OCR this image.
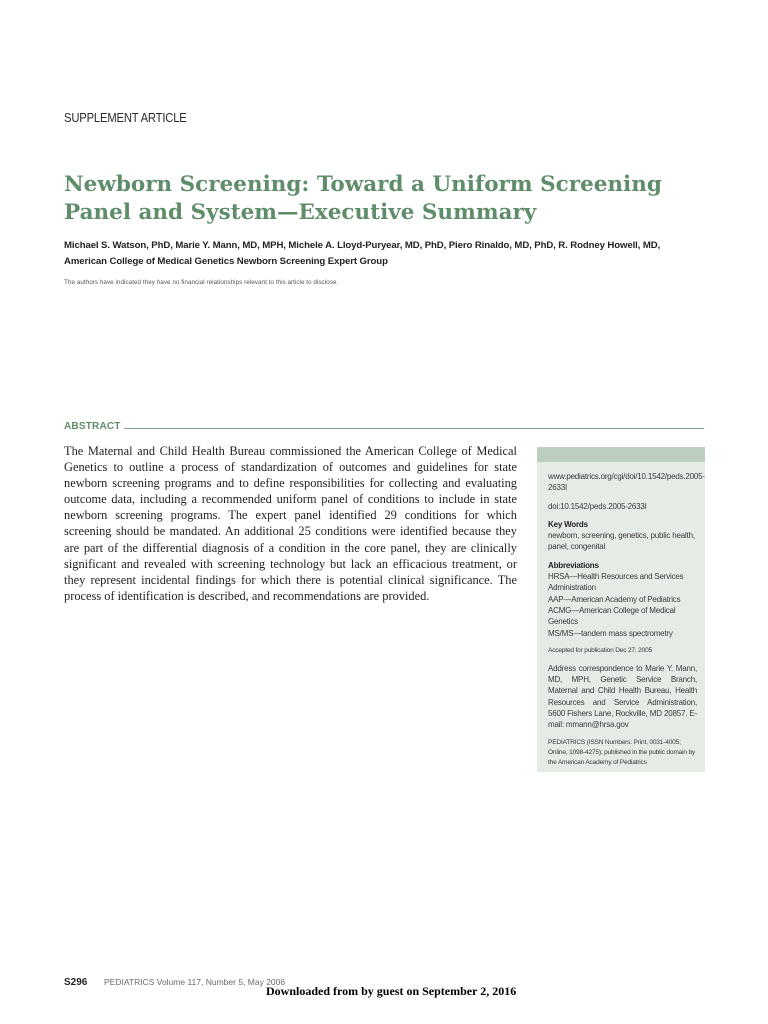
SUPPLEMENT ARTICLE
Newborn Screening: Toward a Uniform Screening Panel and System—Executive Summary
Michael S. Watson, PhD, Marie Y. Mann, MD, MPH, Michele A. Lloyd-Puryear, MD, PhD, Piero Rinaldo, MD, PhD, R. Rodney Howell, MD, American College of Medical Genetics Newborn Screening Expert Group
The authors have indicated they have no financial relationships relevant to this article to disclose.
ABSTRACT

The Maternal and Child Health Bureau commissioned the American College of Medical Genetics to outline a process of standardization of outcomes and guidelines for state newborn screening programs and to define responsibilities for collecting and evaluating outcome data, including a recommended uniform panel of conditions to include in state newborn screening programs. The expert panel identified 29 conditions for which screening should be mandated. An additional 25 conditions were identified because they are part of the differential diagnosis of a condition in the core panel, they are clinically significant and revealed with screening technology but lack an efficacious treatment, or they represent incidental findings for which there is potential clinical significance. The process of identification is described, and recommendations are provided.

www.pediatrics.org/cgi/doi/10.1542/peds.2005-2633I
doi:10.1542/peds.2005-2633I
Key Words
newborn, screening, genetics, public health, panel, congenital
Abbreviations
HRSA—Health Resources and Services Administration
AAP—American Academy of Pediatrics
ACMG—American College of Medical Genetics
MS/MS—tandem mass spectrometry
Accepted for publication Dec 27, 2005
Address correspondence to Marie Y. Mann, MD, MPH, Genetic Service Branch, Maternal and Child Health Bureau, Health Resources and Service Administration, 5600 Fishers Lane, Rockville, MD 20857. E-mail: mmann@hrsa.gov
PEDIATRICS (ISSN Numbers: Print, 0031-4005; Online, 1098-4275); published in the public domain by the American Academy of Pediatrics
S296 PEDIATRICS Volume 117, Number 5, May 2006
Downloaded from by guest on September 2, 2016
